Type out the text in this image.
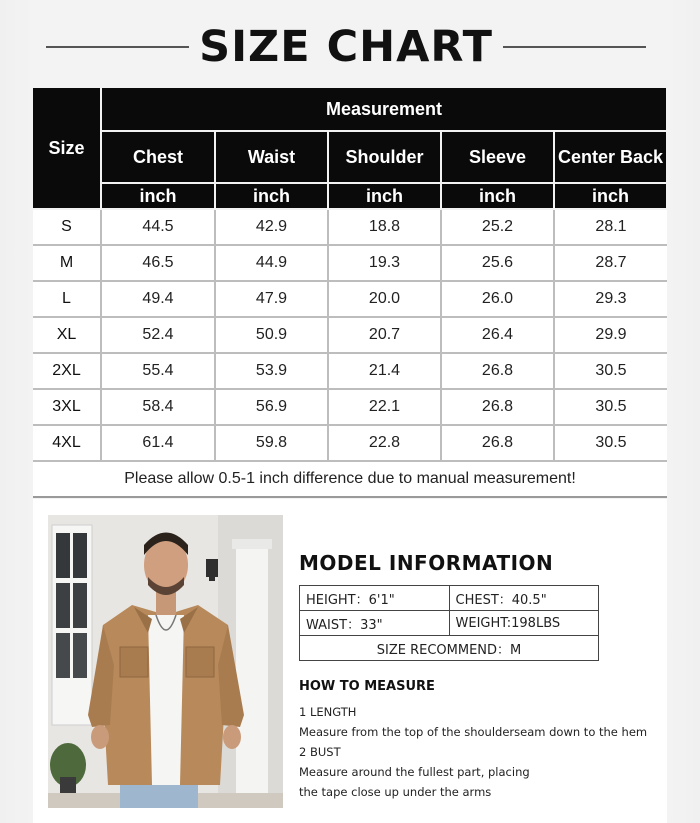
SIZE CHART
Size	Measurement				
	Chest	Waist	Shoulder	Sleeve	Center Back
	inch	inch	inch	inch	inch
S	44.5	42.9	18.8	25.2	28.1
M	46.5	44.9	19.3	25.6	28.7
L	49.4	47.9	20.0	26.0	29.3
XL	52.4	50.9	20.7	26.4	29.9
2XL	55.4	53.9	21.4	26.8	30.5
3XL	58.4	56.9	22.1	26.8	30.5
4XL	61.4	59.8	22.8	26.8	30.5
Please allow 0.5-1 inch difference due to manual measurement!
MODEL INFORMATION
HEIGHT：6'1"	CHEST：40.5"
WAIST：33"	WEIGHT:198LBS
SIZE RECOMMEND：M	
HOW TO MEASURE
1 LENGTH
Measure from the top of the shoulderseam down to the hem
2 BUST
Measure around the fullest part, placing
the tape close up under the arms
